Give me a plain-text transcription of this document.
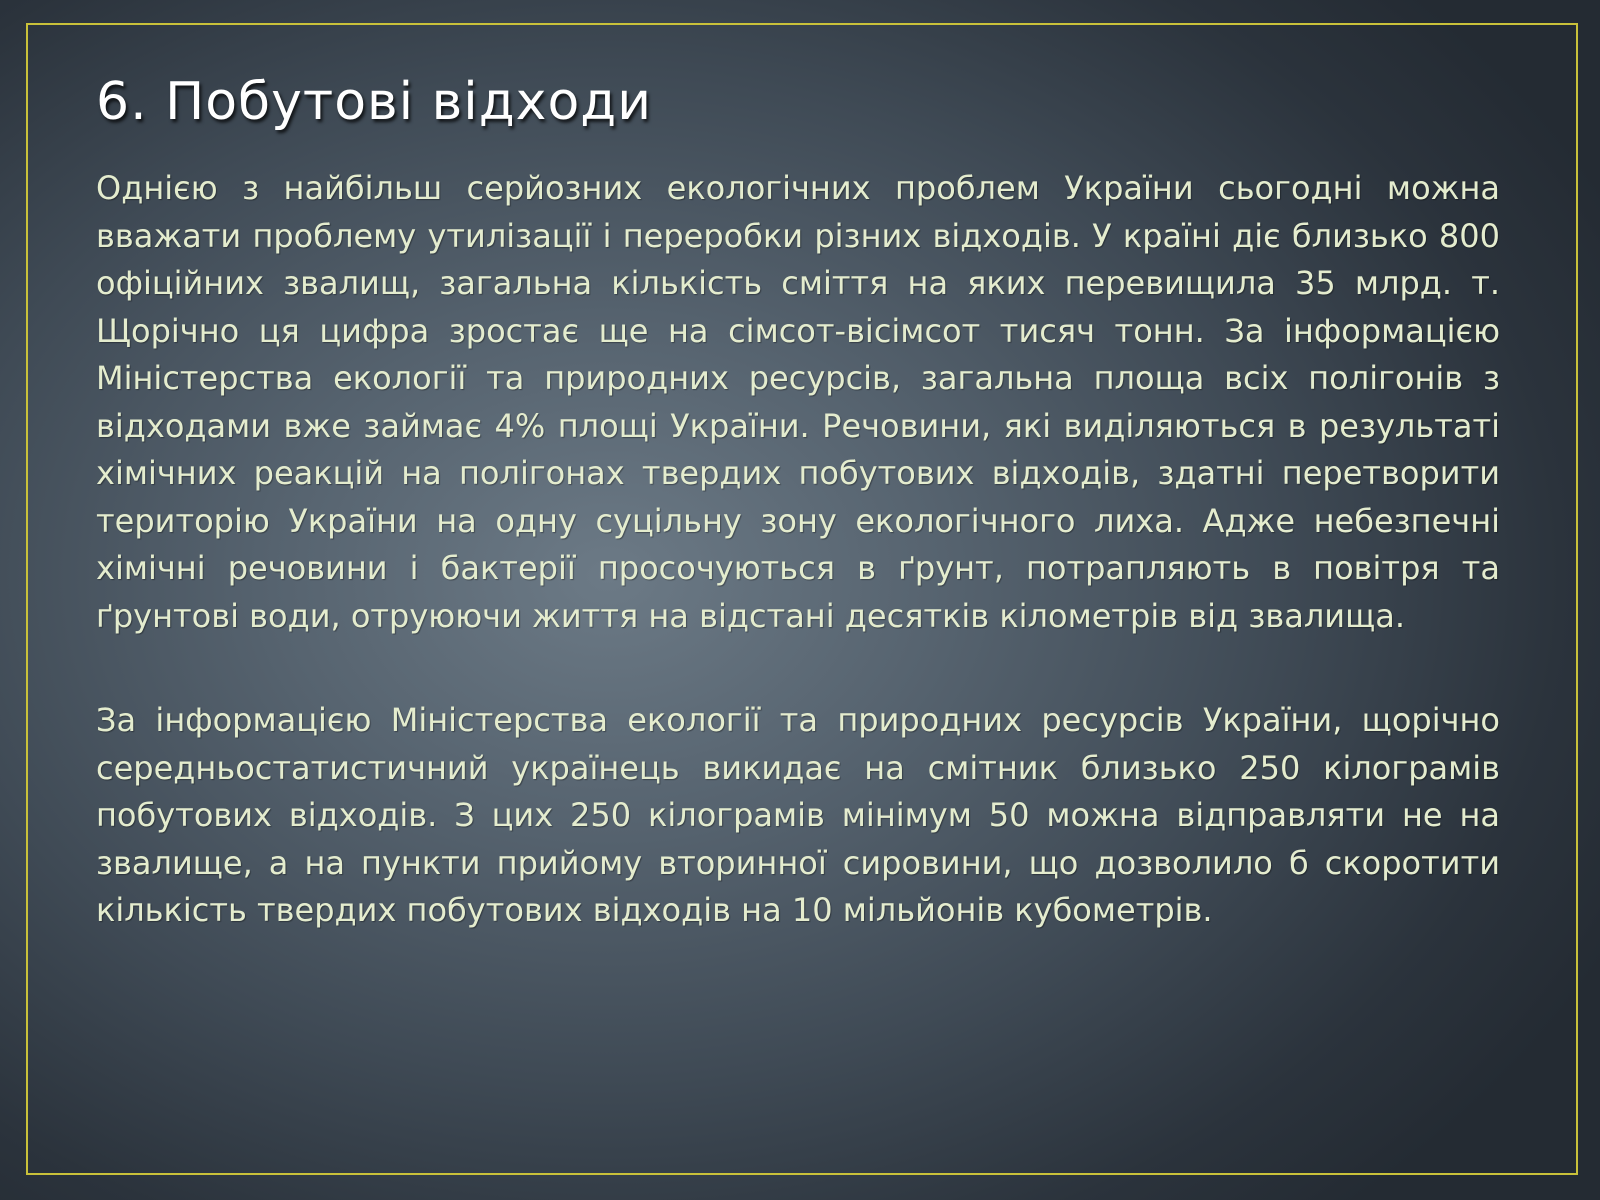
6. Побутові відходи

Однією з найбільш серйозних екологічних проблем України сьогодні можна вважати проблему утилізації і переробки різних відходів. У країні діє близько 800 офіційних звалищ, загальна кількість сміття на яких перевищила 35 млрд. т. Щорічно ця цифра зростає ще на сімсот-вісімсот тисяч тонн. За інформацією Міністерства екології та природних ресурсів, загальна площа всіх полігонів з відходами вже займає 4% площі України. Речовини, які виділяються в результаті хімічних реакцій на полігонах твердих побутових відходів, здатні перетворити територію України на одну суцільну зону екологічного лиха. Адже небезпечні хімічні речовини і бактерії просочуються в ґрунт, потрапляють в повітря та ґрунтові води, отруюючи життя на відстані десятків кілометрів від звалища.

За інформацією Міністерства екології та природних ресурсів України, щорічно середньостатистичний українець викидає на смітник близько 250 кілограмів побутових відходів. З цих 250 кілограмів мінімум 50 можна відправляти не на звалище, а на пункти прийому вторинної сировини, що дозволило б скоротити кількість твердих побутових відходів на 10 мільйонів кубометрів.
